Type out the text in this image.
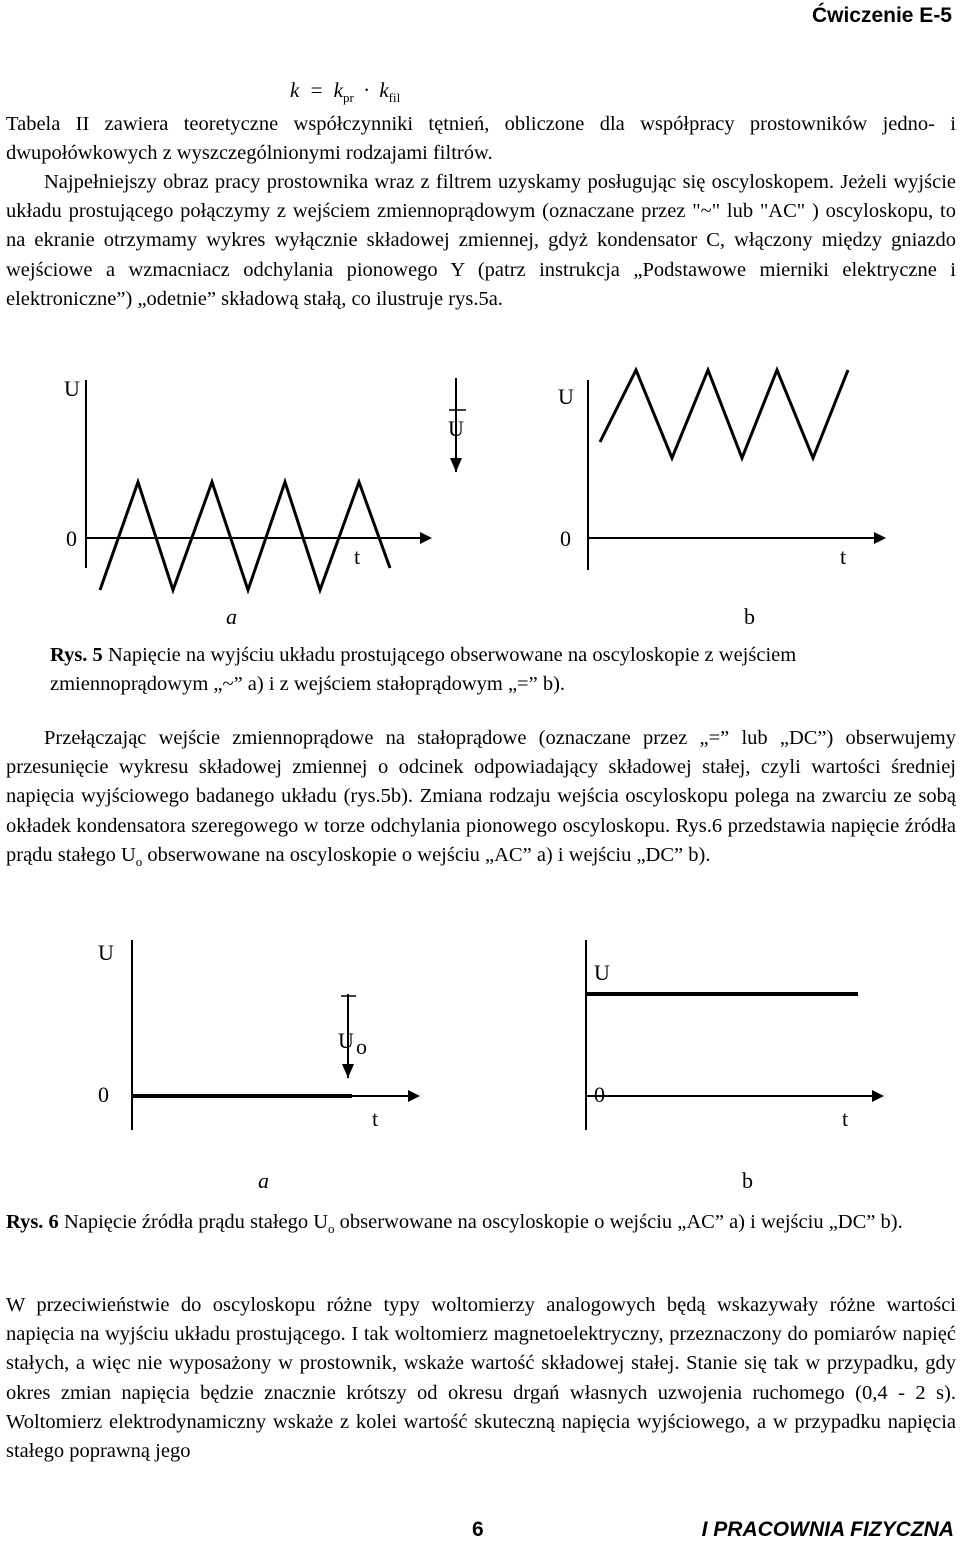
Ćwiczenie E-5
$k = k_{pr} \cdot k_{fil}$

Tabela II zawiera teoretyczne współczynniki tętnień, obliczone dla współpracy prostowników jedno- i dwupołówkowych z wyszczególnionymi rodzajami filtrów.

Najpełniejszy obraz pracy prostownika wraz z filtrem uzyskamy posługując się oscyloskopem. Jeżeli wyjście układu prostującego połączymy z wejściem zmiennoprądowym (oznaczane przez "~" lub "AC" ) oscyloskopu, to na ekranie otrzymamy wykres wyłącznie składowej zmiennej, gdyż kondensator C, włączony między gniazdo wejściowe a wzmacniacz odchylania pionowego Y (patrz instrukcja „Podstawowe mierniki elektryczne i elektroniczne”) „odetnie” składową stałą, co ilustruje rys.5a.

U
0
t
a
U
U
0
t
b
Rys. 5 Napięcie na wyjściu układu prostującego obserwowane na oscyloskopie z wejściem zmiennoprądowym „~” a) i z wejściem stałoprądowym „=” b).

Przełączając wejście zmiennoprądowe na stałoprądowe (oznaczane przez „=” lub „DC”) obserwujemy przesunięcie wykresu składowej zmiennej o odcinek odpowiadający składowej stałej, czyli wartości średniej napięcia wyjściowego badanego układu (rys.5b). Zmiana rodzaju wejścia oscyloskopu polega na zwarciu ze sobą okładek kondensatora szeregowego w torze odchylania pionowego oscyloskopu. Rys.6 przedstawia napięcie źródła prądu stałego $U_o$ obserwowane na oscyloskopie o wejściu „AC” a) i wejściu „DC” b).

U
0
t
a
U o
U
0
t
b
Rys. 6 Napięcie źródła prądu stałego $U_o$ obserwowane na oscyloskopie o wejściu „AC” a) i wejściu „DC” b).

W przeciwieństwie do oscyloskopu różne typy woltomierzy analogowych będą wskazywały różne wartości napięcia na wyjściu układu prostującego. I tak woltomierz magnetoelektryczny, przeznaczony do pomiarów napięć stałych, a więc nie wyposażony w prostownik, wskaże wartość składowej stałej. Stanie się tak w przypadku, gdy okres zmian napięcia będzie znacznie krótszy od okresu drgań własnych uzwojenia ruchomego (0,4 - 2 s). Woltomierz elektrodynamiczny wskaże z kolei wartość skuteczną napięcia wyjściowego, a w przypadku napięcia stałego poprawną jego

6	I PRACOWNIA FIZYCZNA
